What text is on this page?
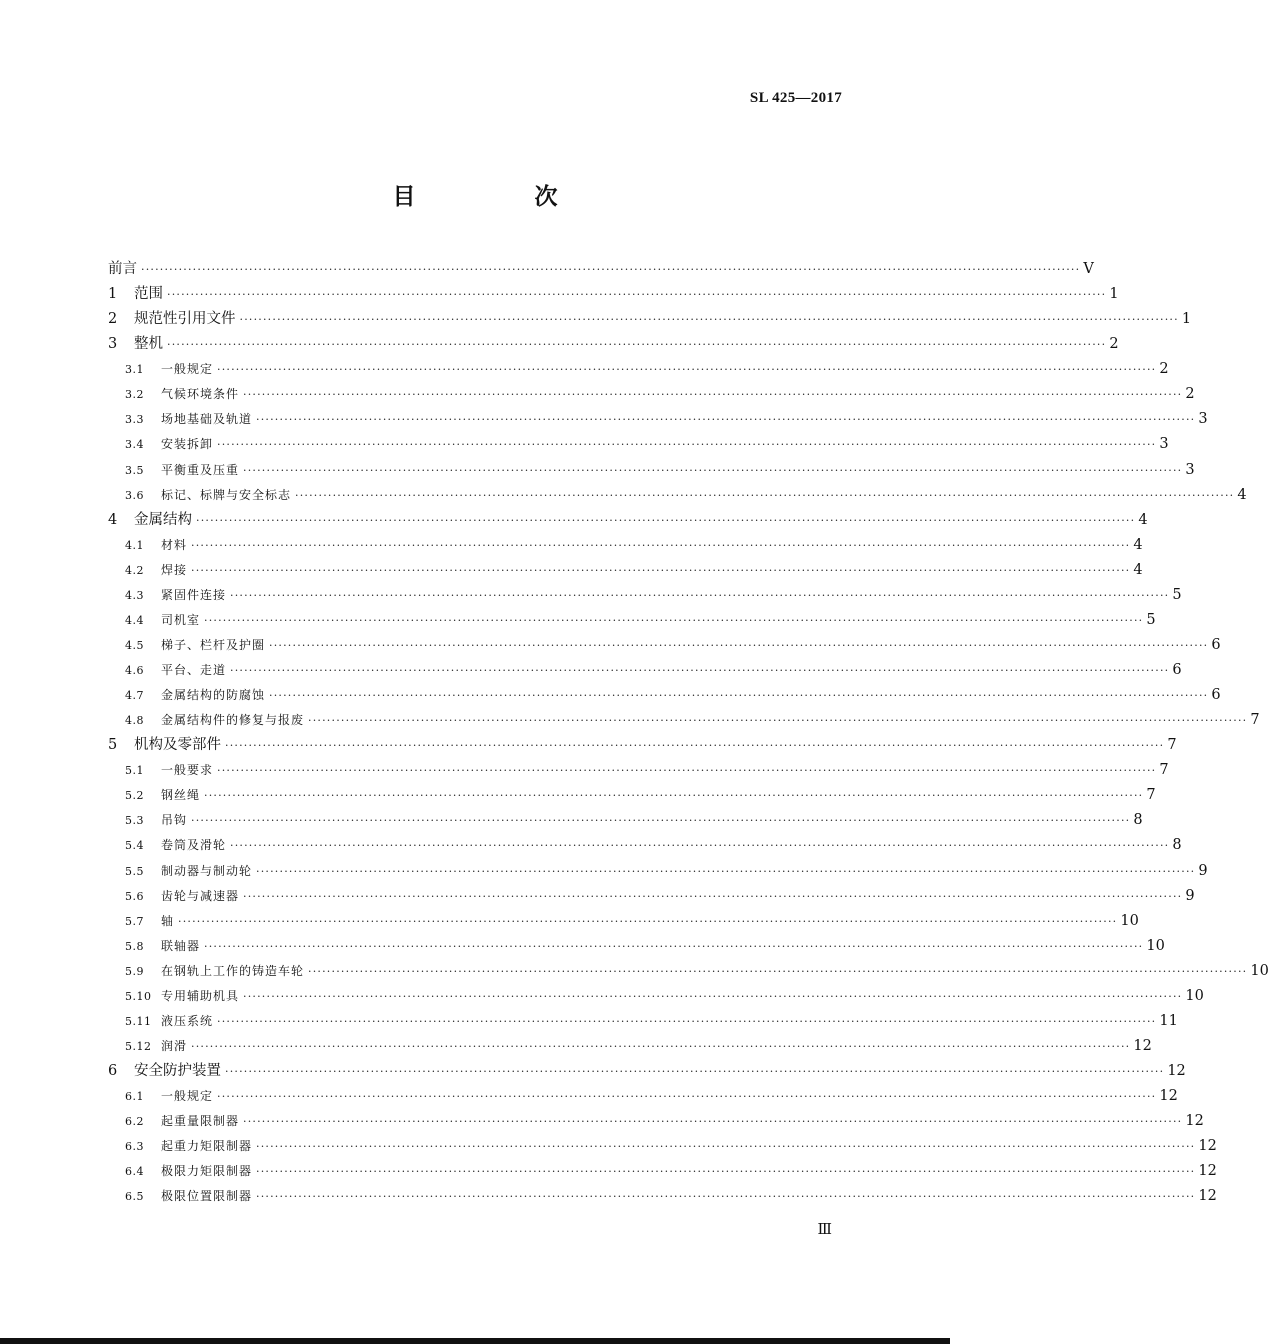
SL 425—2017
目　次
前言 ········································································································································································································ Ⅴ
1	范围 ········································································································································································································ 1
2	规范性引用文件 ········································································································································································································ 1
3	整机 ········································································································································································································ 2
3.1	一般规定 ········································································································································································································ 2
3.2	气候环境条件 ········································································································································································································ 2
3.3	场地基础及轨道 ········································································································································································································ 3
3.4	安装拆卸 ········································································································································································································ 3
3.5	平衡重及压重 ········································································································································································································ 3
3.6	标记、标牌与安全标志 ········································································································································································································ 4
4	金属结构 ········································································································································································································ 4
4.1	材料 ········································································································································································································ 4
4.2	焊接 ········································································································································································································ 4
4.3	紧固件连接 ········································································································································································································ 5
4.4	司机室 ········································································································································································································ 5
4.5	梯子、栏杆及护圈 ········································································································································································································ 6
4.6	平台、走道 ········································································································································································································ 6
4.7	金属结构的防腐蚀 ········································································································································································································ 6
4.8	金属结构件的修复与报废 ········································································································································································································ 7
5	机构及零部件 ········································································································································································································ 7
5.1	一般要求 ········································································································································································································ 7
5.2	钢丝绳 ········································································································································································································ 7
5.3	吊钩 ········································································································································································································ 8
5.4	卷筒及滑轮 ········································································································································································································ 8
5.5	制动器与制动轮 ········································································································································································································ 9
5.6	齿轮与减速器 ········································································································································································································ 9
5.7	轴 ········································································································································································································ 10
5.8	联轴器 ········································································································································································································ 10
5.9	在钢轨上工作的铸造车轮 ········································································································································································································ 10
5.10 专用辅助机具 ········································································································································································································ 10
5.11 液压系统 ········································································································································································································ 11
5.12 润滑 ········································································································································································································ 12
6	安全防护装置 ········································································································································································································ 12
6.1	一般规定 ········································································································································································································ 12
6.2	起重量限制器 ········································································································································································································ 12
6.3	起重力矩限制器 ········································································································································································································ 12
6.4	极限力矩限制器 ········································································································································································································ 12
6.5	极限位置限制器 ········································································································································································································ 12
Ⅲ
